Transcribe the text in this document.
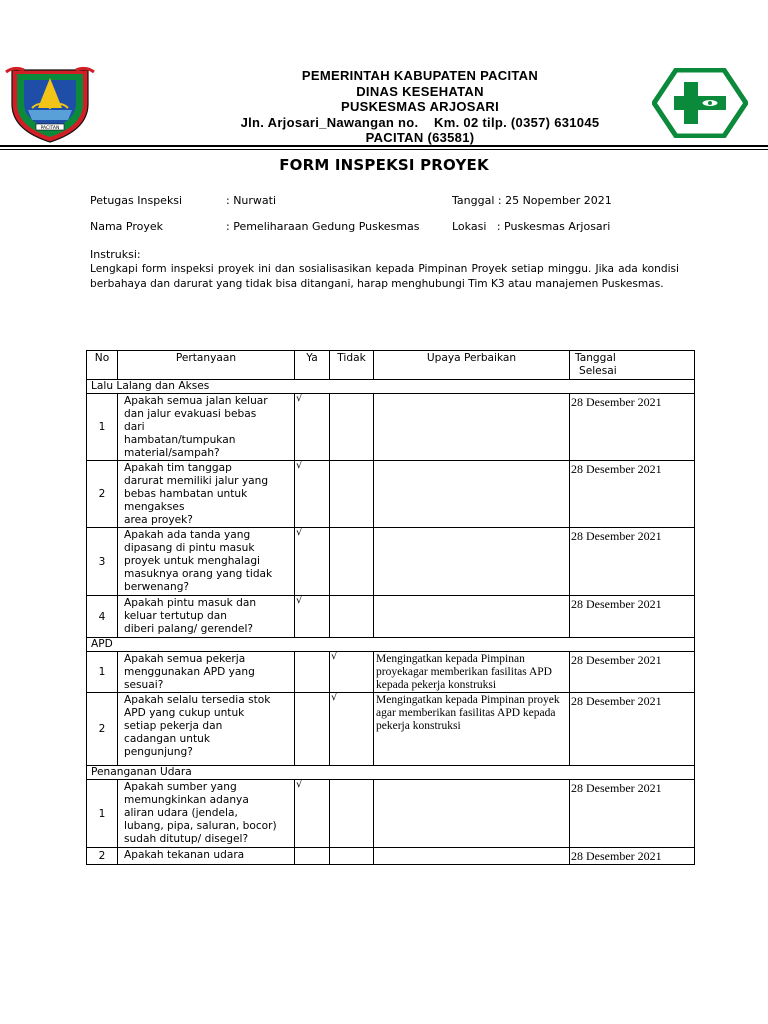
PACITAN
PEMERINTAH KABUPATEN PACITAN
DINAS KESEHATAN
PUSKESMAS ARJOSARI
Jln. Arjosari_Nawangan no.    Km. 02 tilp. (0357) 631045
PACITAN (63581)
FORM INSPEKSI PROYEK
Petugas Inspeksi	: Nurwati	Tanggal : 25 Nopember 2021
Nama Proyek	: Pemeliharaan Gedung Puskesmas	Lokasi   : Puskesmas Arjosari
Instruksi:
Lengkapi form inspeksi proyek ini dan sosialisasikan kepada Pimpinan Proyek setiap minggu. Jika ada kondisi berbahaya dan darurat yang tidak bisa ditangani, harap menghubungi Tim K3 atau manajemen Puskesmas.
No	Pertanyaan	Ya	Tidak	Upaya Perbaikan	Tanggal
Selesai

Lalu Lalang dan Akses					
1	Apakah semua jalan keluar
dan jalur evakuasi bebas
dari
hambatan/tumpukan
material/sampah?	√			28 Desember 2021
2	Apakah tim tanggap
darurat memiliki jalur yang
bebas hambatan untuk
mengakses
area proyek?	√			28 Desember 2021
3	Apakah ada tanda yang
dipasang di pintu masuk
proyek untuk menghalagi
masuknya orang yang tidak
berwenang?	√			28 Desember 2021
4	Apakah pintu masuk dan
keluar tertutup dan
diberi palang/ gerendel?	√			28 Desember 2021
APD					
1	Apakah semua pekerja
menggunakan APD yang
sesuai?		√	Mengingatkan kepada Pimpinan proyekagar memberikan fasilitas APD kepada pekerja konstruksi	28 Desember 2021
2	Apakah selalu tersedia stok
APD yang cukup untuk
setiap pekerja dan
cadangan untuk
pengunjung?		√	Mengingatkan kepada Pimpinan proyek agar memberikan fasilitas APD kepada pekerja konstruksi	28 Desember 2021
Penanganan Udara					
1	Apakah sumber yang
memungkinkan adanya
aliran udara (jendela,
lubang, pipa, saluran, bocor)
sudah ditutup/ disegel?	√			28 Desember 2021
2	Apakah tekanan udara				28 Desember 2021
